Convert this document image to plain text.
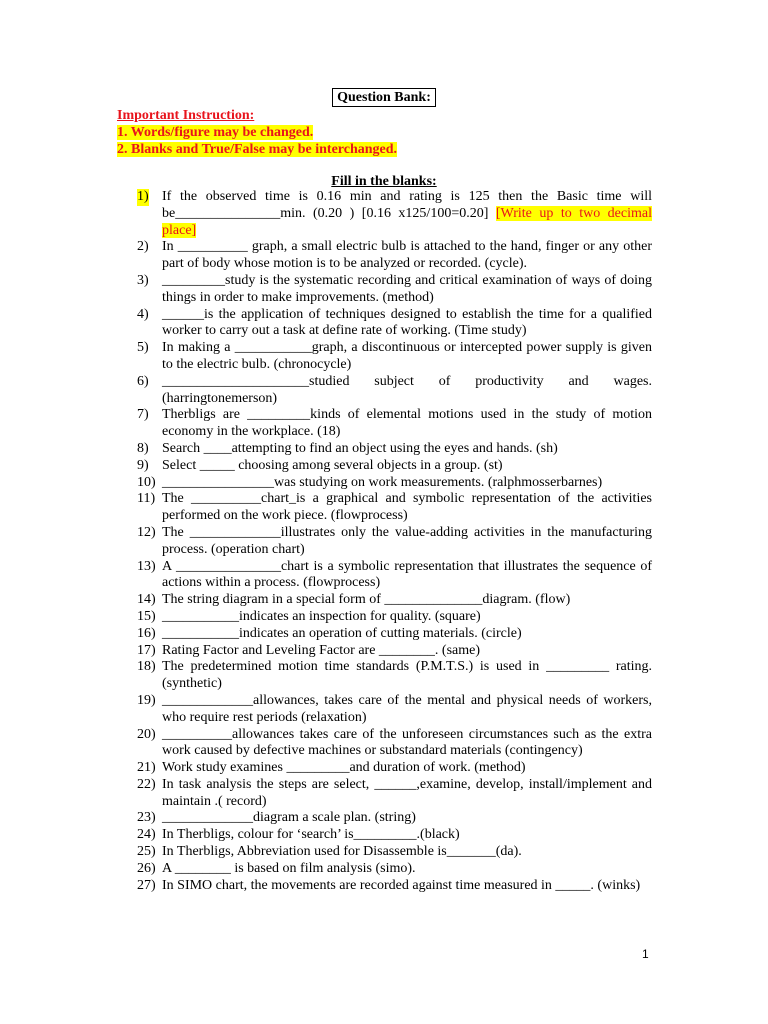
Question Bank:
Important Instruction:
1. Words/figure may be changed.
2. Blanks and True/False may be interchanged.
Fill in the blanks:
1) If the observed time is 0.16 min and rating is 125 then the Basic time will be_______________min. (0.20 ) [0.16 x125/100=0.20] [Write up to two decimal place]
2) In __________ graph, a small electric bulb is attached to the hand, finger or any other part of body whose motion is to be analyzed or recorded. (cycle).
3) _________study is the systematic recording and critical examination of ways of doing things in order to make improvements. (method)
4) ______is the application of techniques designed to establish the time for a qualified worker to carry out a task at define rate of working. (Time study)
5) In making a ___________graph, a discontinuous or intercepted power supply is given to the electric bulb. (chronocycle)
6) _____________________studied subject of productivity and wages. (harringtonemerson)
7) Therbligs are _________kinds of elemental motions used in the study of motion economy in the workplace. (18)
8) Search ____attempting to find an object using the eyes and hands. (sh)
9) Select _____ choosing among several objects in a group. (st)
10) ________________was studying on work measurements. (ralphmosserbarnes)
11) The __________chart_is a graphical and symbolic representation of the activities performed on the work piece. (flowprocess)
12) The _____________illustrates only the value-adding activities in the manufacturing process. (operation chart)
13) A _______________chart is a symbolic representation that illustrates the sequence of actions within a process. (flowprocess)
14) The string diagram in a special form of ______________diagram. (flow)
15) ___________indicates an inspection for quality. (square)
16) ___________indicates an operation of cutting materials. (circle)
17) Rating Factor and Leveling Factor are ________. (same)
18) The predetermined motion time standards (P.M.T.S.) is used in _________ rating. (synthetic)
19) _____________allowances, takes care of the mental and physical needs of workers, who require rest periods (relaxation)
20) __________allowances takes care of the unforeseen circumstances such as the extra work caused by defective machines or substandard materials (contingency)
21) Work study examines _________and duration of work. (method)
22) In task analysis the steps are select, ______,examine, develop, install/implement and maintain .( record)
23) _____________diagram a scale plan. (string)
24) In Therbligs, colour for ‘search’ is_________.(black)
25) In Therbligs, Abbreviation used for Disassemble is_______(da).
26) A ________ is based on film analysis (simo).
27) In SIMO chart, the movements are recorded against time measured in _____. (winks)
1
